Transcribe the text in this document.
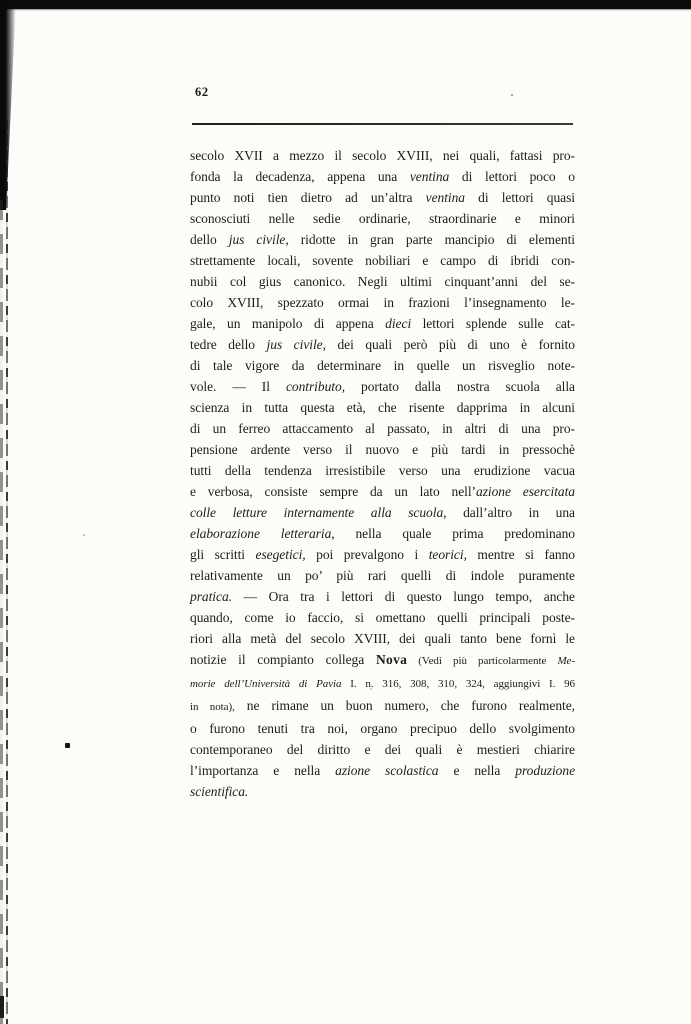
62
secolo XVII a mezzo il secolo XVIII, nei quali, fattasi pro-
fonda la decadenza, appena una ventina di lettori poco o
punto noti tien dietro ad un’altra ventina di lettori quasi
sconosciuti nelle sedie ordinarie, straordinarie e minori
dello jus civile, ridotte in gran parte mancipio di elementi
strettamente locali, sovente nobiliari e campo di ibridi con-
nubii col gius canonico. Negli ultimi cinquant’anni del se-
colo XVIII, spezzato ormai in frazioni l’insegnamento le-
gale, un manipolo di appena dieci lettori splende sulle cat-
tedre dello jus civile, dei quali però più di uno è fornito
di tale vigore da determinare in quelle un risveglio note-
vole. — Il contributo, portato dalla nostra scuola alla
scienza in tutta questa età, che risente dapprima in alcuni
di un ferreo attaccamento al passato, in altri di una pro-
pensione ardente verso il nuovo e più tardi in pressochè
tutti della tendenza irresistibile verso una erudizione vacua
e verbosa, consiste sempre da un lato nell’azione esercitata
colle letture internamente alla scuola, dall’altro in una
elaborazione letteraria, nella quale prima predominano
gli scritti esegetici, poi prevalgono i teorici, mentre si fanno
relativamente un po’ più rari quelli di indole puramente
pratica. — Ora tra i lettori di questo lungo tempo, anche
quando, come io faccio, si omettano quelli principali poste-
riori alla metà del secolo XVIII, dei quali tanto bene fornì le
notizie il compianto collega Nova (Vedi più particolarmente Me-
morie dell’Università di Pavia I. n. 316, 308, 310, 324, aggiungivi I. 96
in nota), ne rimane un buon numero, che furono realmente,
o furono tenuti tra noi, organo precipuo dello svolgimento
contemporaneo del diritto e dei quali è mestieri chiarire
l’importanza e nella azione scolastica e nella produzione
scientifica.
